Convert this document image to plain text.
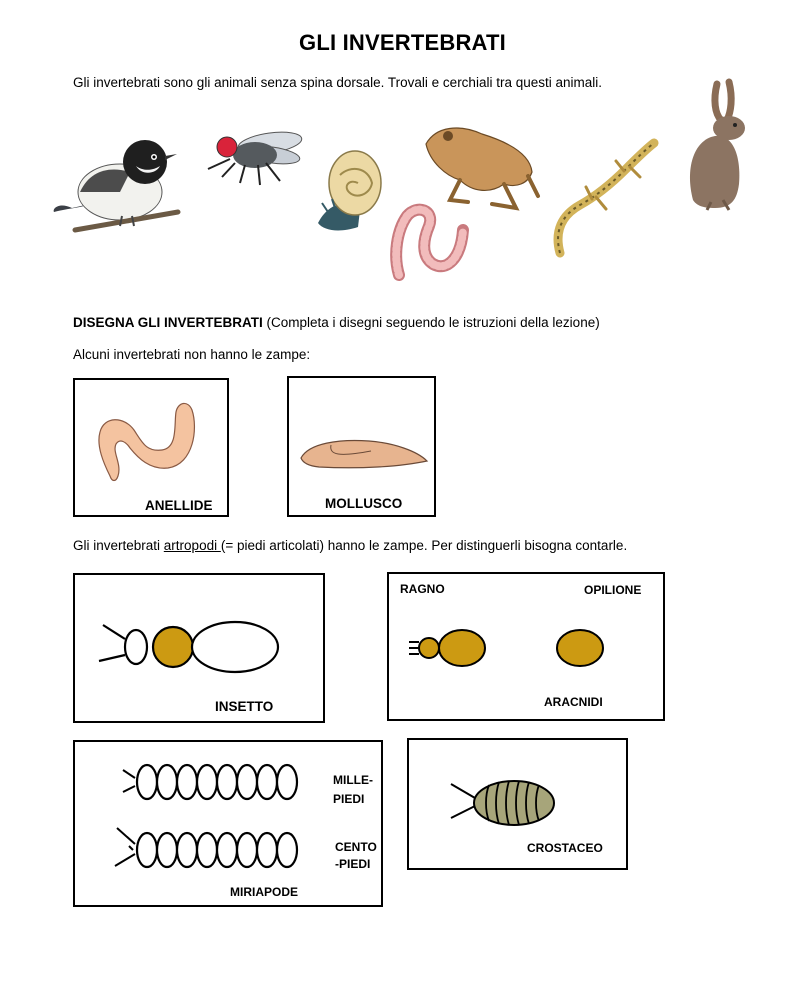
GLI INVERTEBRATI
Gli invertebrati sono gli animali senza spina dorsale. Trovali e cerchiali tra questi animali.
DISEGNA GLI INVERTEBRATI (Completa i disegni seguendo le istruzioni della lezione)
Alcuni invertebrati non hanno le zampe:
ANELLIDE	MOLLUSCO
Gli invertebrati artropodi (= piedi articolati) hanno le zampe. Per distinguerli bisogna contarle.
INSETTO
RAGNO	OPILIONE
ARACNIDI
MILLE-
PIEDI
CENTO
-PIEDI
MIRIAPODE
CROSTACEO
